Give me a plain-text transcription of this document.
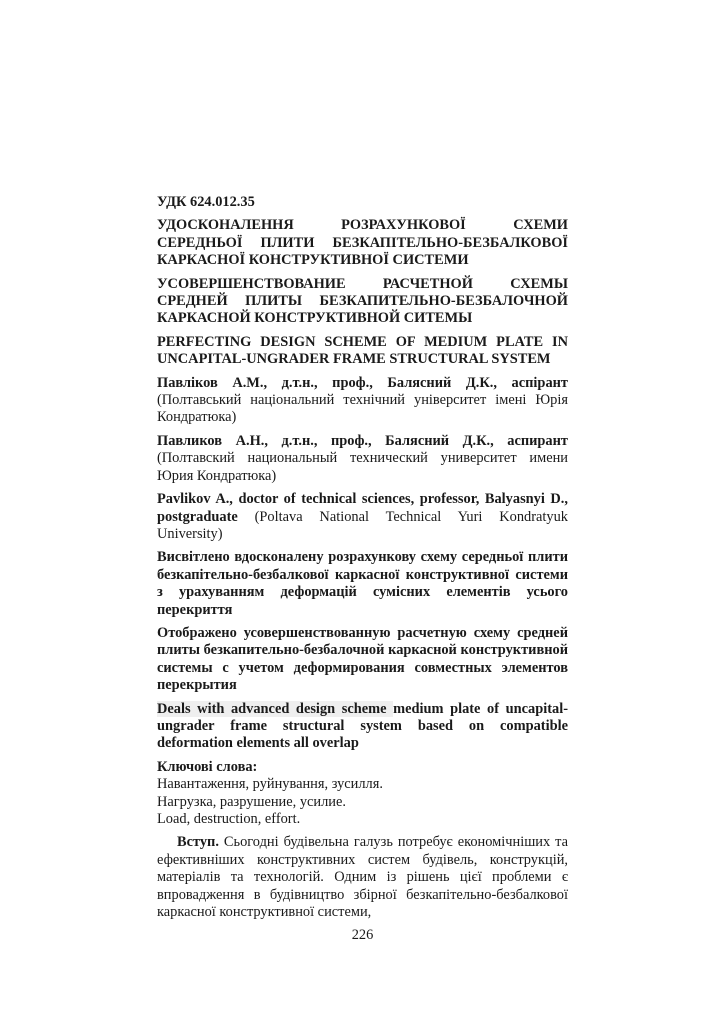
УДК 624.012.35

УДОСКОНАЛЕННЯ РОЗРАХУНКОВОЇ СХЕМИ СЕРЕДНЬОЇ ПЛИТИ БЕЗКАПІТЕЛЬНО-БЕЗБАЛКОВОЇ КАРКАСНОЇ КОНСТРУКТИВНОЇ СИСТЕМИ

УСОВЕРШЕНСТВОВАНИЕ РАСЧЕТНОЙ СХЕМЫ СРЕДНЕЙ ПЛИТЫ БЕЗКАПИТЕЛЬНО-БЕЗБАЛОЧНОЙ КАРКАСНОЙ КОНСТРУКТИВНОЙ СИТЕМЫ

PERFECTING DESIGN SCHEME OF MEDIUM PLATE IN UNCAPITAL-UNGRADER FRAME STRUCTURAL SYSTEM

Павліков А.М., д.т.н., проф., Балясний Д.К., аспірант (Полтавський національний технічний університет імені Юрія Кондратюка)

Павликов А.Н., д.т.н., проф., Балясний Д.К., аспирант (Полтавский национальный технический университет имени Юрия Кондратюка)

Pavlikov A., doctor of technical sciences, professor, Balyasnyi D., postgraduate (Poltava National Technical Yuri Kondratyuk University)

Висвітлено вдосконалену розрахункову схему середньої плити безкапітельно-безбалкової каркасної конструктивної системи з урахуванням деформацій сумісних елементів усього перекриття

Отображено усовершенствованную расчетную схему средней плиты безкапительно-безбалочной каркасной конструктивной системы с учетом деформирования совместных элементов перекрытия

Deals with advanced design scheme medium plate of uncapital-ungrader frame structural system based on compatible deformation elements all overlap

Ключові слова:

Навантаження, руйнування, зусилля.

Нагрузка, разрушение, усилие.

Load, destruction, effort.

Вступ. Сьогодні будівельна галузь потребує економічніших та ефективніших конструктивних систем будівель, конструкцій, матеріалів та технологій. Одним із рішень цієї проблеми є впровадження в будівництво збірної безкапітельно-безбалкової каркасної конструктивної системи,

226
